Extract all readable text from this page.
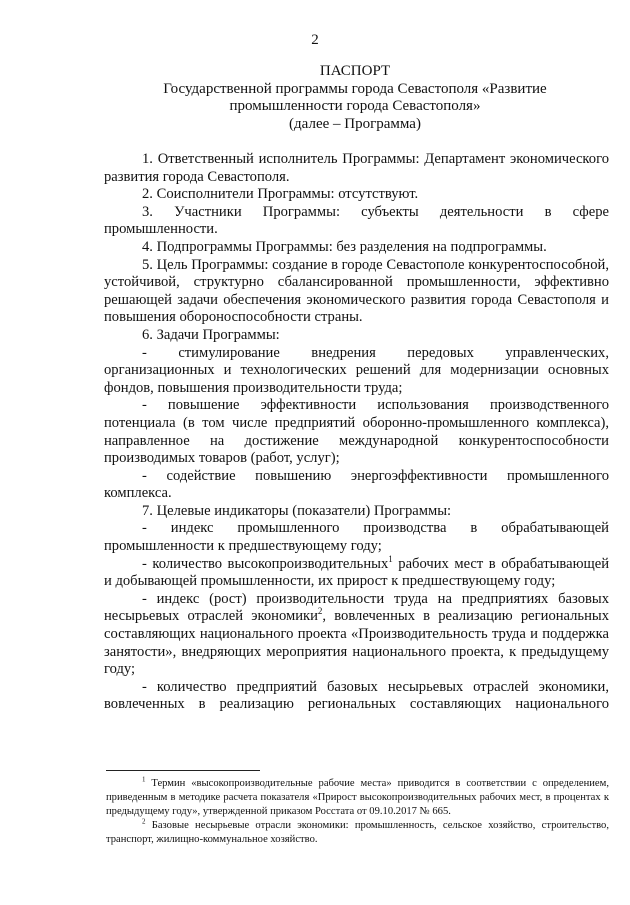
2
ПАСПОРТ
Государственной программы города Севастополя «Развитие
промышленности города Севастополя»
(далее – Программа)

1. Ответственный исполнитель Программы: Департамент экономического развития города Севастополя.

2. Соисполнители Программы: отсутствуют.

3. Участники Программы: субъекты деятельности в сфере промышленности.

4. Подпрограммы Программы: без разделения на подпрограммы.

5. Цель Программы: создание в городе Севастополе конкурентоспособной, устойчивой, структурно сбалансированной промышленности, эффективно решающей задачи обеспечения экономического развития города Севастополя и повышения обороноспособности страны.

6. Задачи Программы:

- стимулирование внедрения передовых управленческих, организационных и технологических решений для модернизации основных фондов, повышения производительности труда;

- повышение эффективности использования производственного потенциала (в том числе предприятий оборонно-промышленного комплекса), направленное на достижение международной конкурентоспособности производимых товаров (работ, услуг);

- содействие повышению энергоэффективности промышленного комплекса.

7. Целевые индикаторы (показатели) Программы:

- индекс промышленного производства в обрабатывающей промышленности к предшествующему году;

- количество высокопроизводительных$^1$ рабочих мест в обрабатывающей и добывающей промышленности, их прирост к предшествующему году;

- индекс (рост) производительности труда на предприятиях базовых несырьевых отраслей экономики$^2$, вовлеченных в реализацию региональных составляющих национального проекта «Производительность труда и поддержка занятости», внедряющих мероприятия национального проекта, к предыдущему году;

- количество предприятий базовых несырьевых отраслей экономики, вовлеченных в реализацию региональных составляющих национального

$^1$ Термин «высокопроизводительные рабочие места» приводится в соответствии с определением, приведенным в методике расчета показателя «Прирост высокопроизводительных рабочих мест, в процентах к предыдущему году», утвержденной приказом Росстата от 09.10.2017 № 665.

$^2$ Базовые несырьевые отрасли экономики: промышленность, сельское хозяйство, строительство, транспорт, жилищно-коммунальное хозяйство.
